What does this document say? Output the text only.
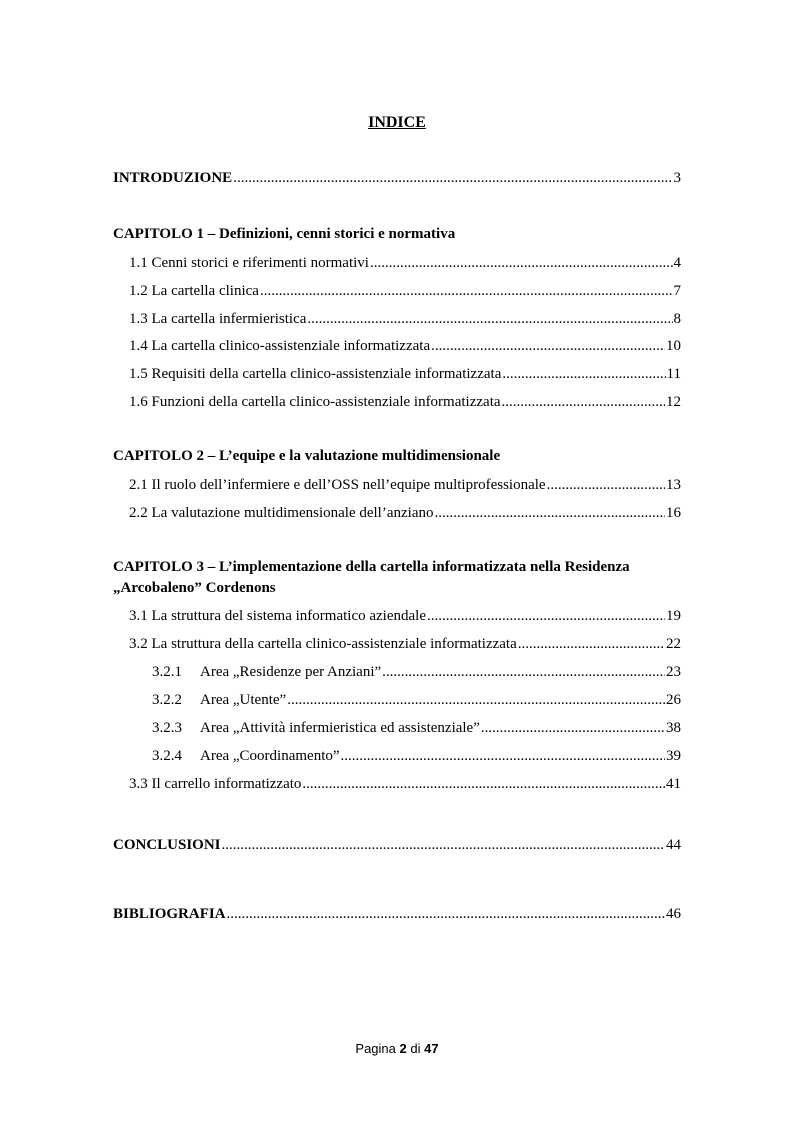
INDICE
INTRODUZIONE .....	3
CAPITOLO 1 – Definizioni, cenni storici e normativa
1.1 Cenni storici e riferimenti normativi .....	4
1.2 La cartella clinica .....	7
1.3 La cartella infermieristica .....	8
1.4 La cartella clinico-assistenziale informatizzata .....	10
1.5 Requisiti della cartella clinico-assistenziale informatizzata .....	11
1.6 Funzioni della cartella clinico-assistenziale informatizzata .....	12
CAPITOLO 2 – L’equipe e la valutazione multidimensionale
2.1 Il ruolo dell’infermiere e dell’OSS nell’equipe multiprofessionale .....	13
2.2 La valutazione multidimensionale dell’anziano .....	16
CAPITOLO 3 – L’implementazione della cartella informatizzata nella Residenza
„Arcobaleno” Cordenons
3.1 La struttura del sistema informatico aziendale .....	19
3.2 La struttura della cartella clinico-assistenziale informatizzata .....	22
3.2.1	Area „Residenze per Anziani” .....	23
3.2.2	Area „Utente” .....	26
3.2.3	Area „Attività infermieristica ed assistenziale” .....	38
3.2.4	Area „Coordinamento” .....	39
3.3 Il carrello informatizzato .....	41
CONCLUSIONI .....	44
BIBLIOGRAFIA .....	46
Pagina 2 di 47
